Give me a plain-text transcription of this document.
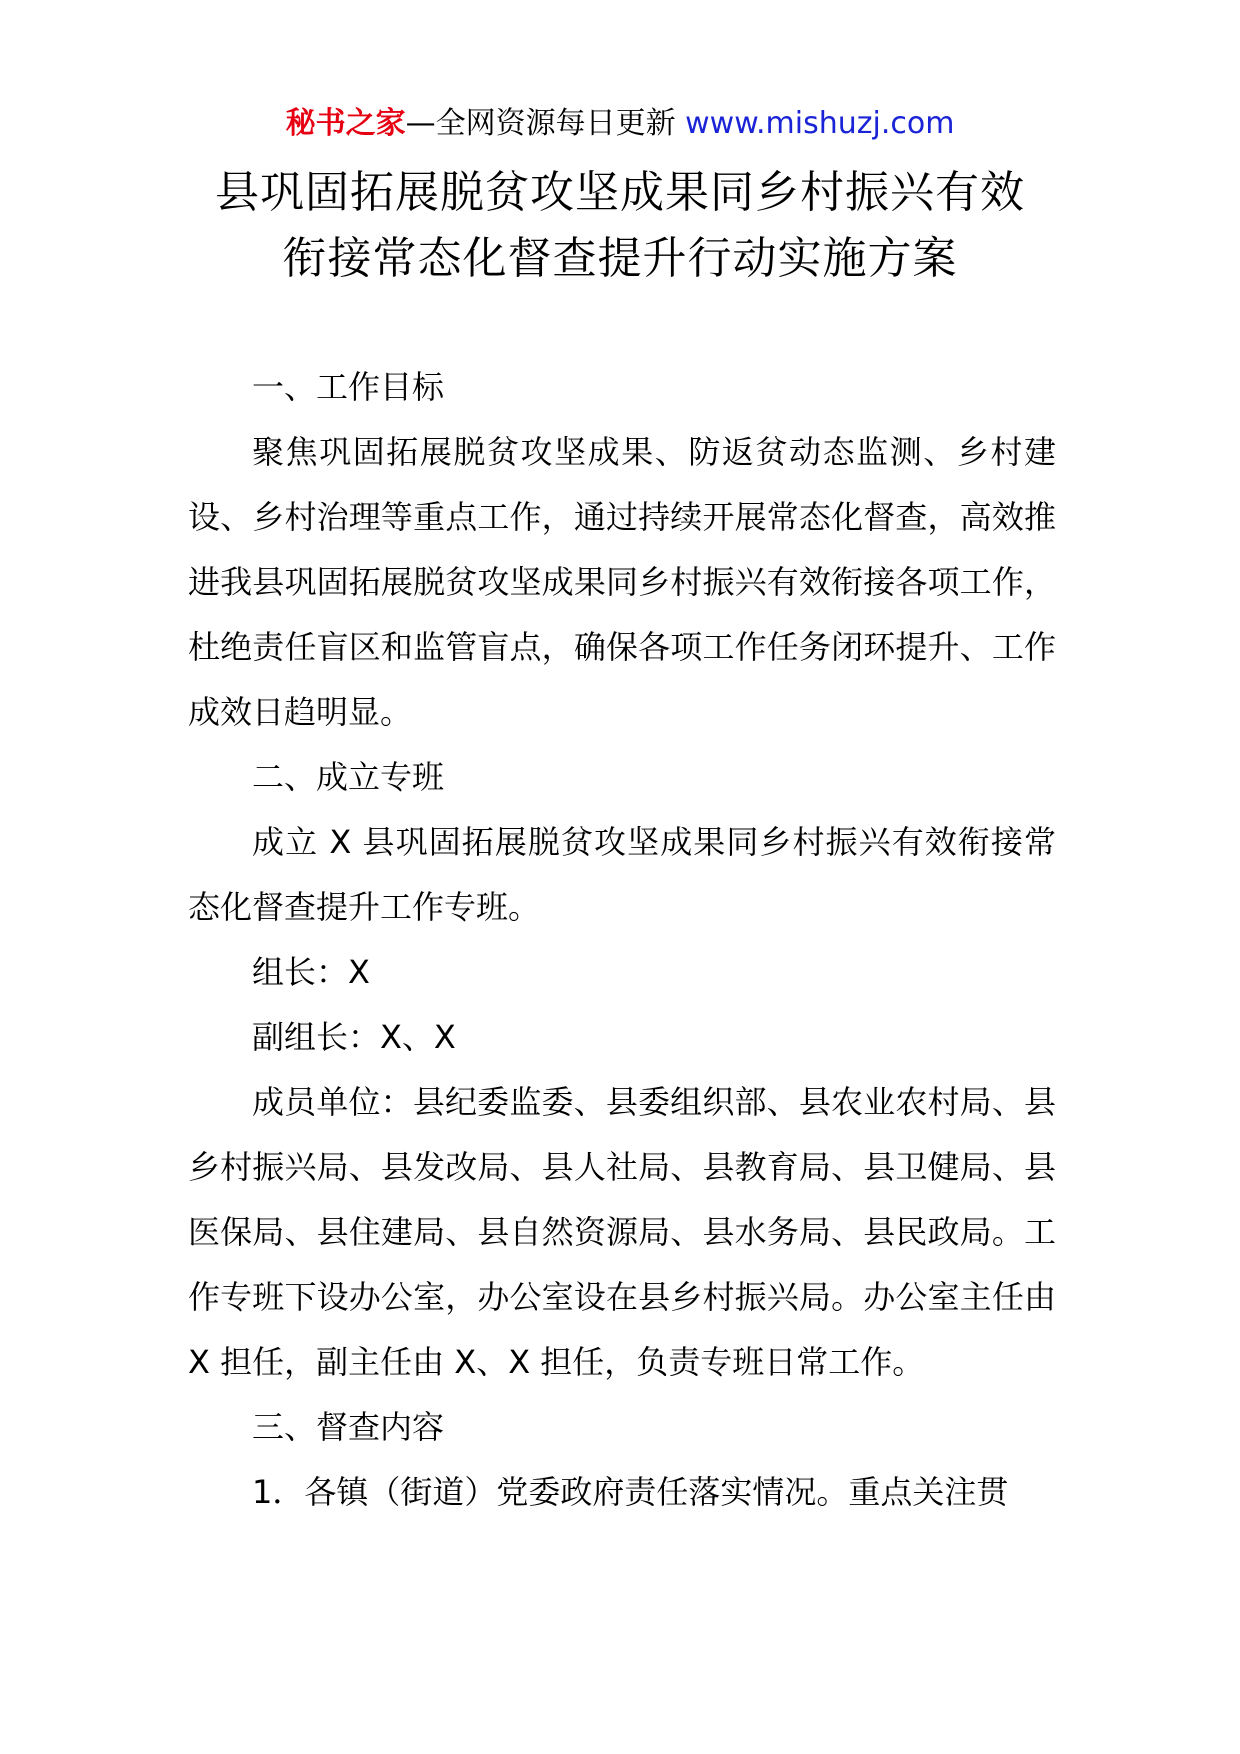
秘书之家—全网资源每日更新 www.mishuzj.com
县巩固拓展脱贫攻坚成果同乡村振兴有效
衔接常态化督查提升行动实施方案

一、工作目标

聚焦巩固拓展脱贫攻坚成果、防返贫动态监测、乡村建设、乡村治理等重点工作，通过持续开展常态化督查，高效推进我县巩固拓展脱贫攻坚成果同乡村振兴有效衔接各项工作，杜绝责任盲区和监管盲点，确保各项工作任务闭环提升、工作成效日趋明显。

二、成立专班

成立 X 县巩固拓展脱贫攻坚成果同乡村振兴有效衔接常态化督查提升工作专班。

组长：X

副组长：X、X

成员单位：县纪委监委、县委组织部、县农业农村局、县乡村振兴局、县发改局、县人社局、县教育局、县卫健局、县医保局、县住建局、县自然资源局、县水务局、县民政局。工作专班下设办公室，办公室设在县乡村振兴局。办公室主任由 X 担任，副主任由 X、X 担任，负责专班日常工作。

三、督查内容

1．各镇（街道）党委政府责任落实情况。重点关注贯
